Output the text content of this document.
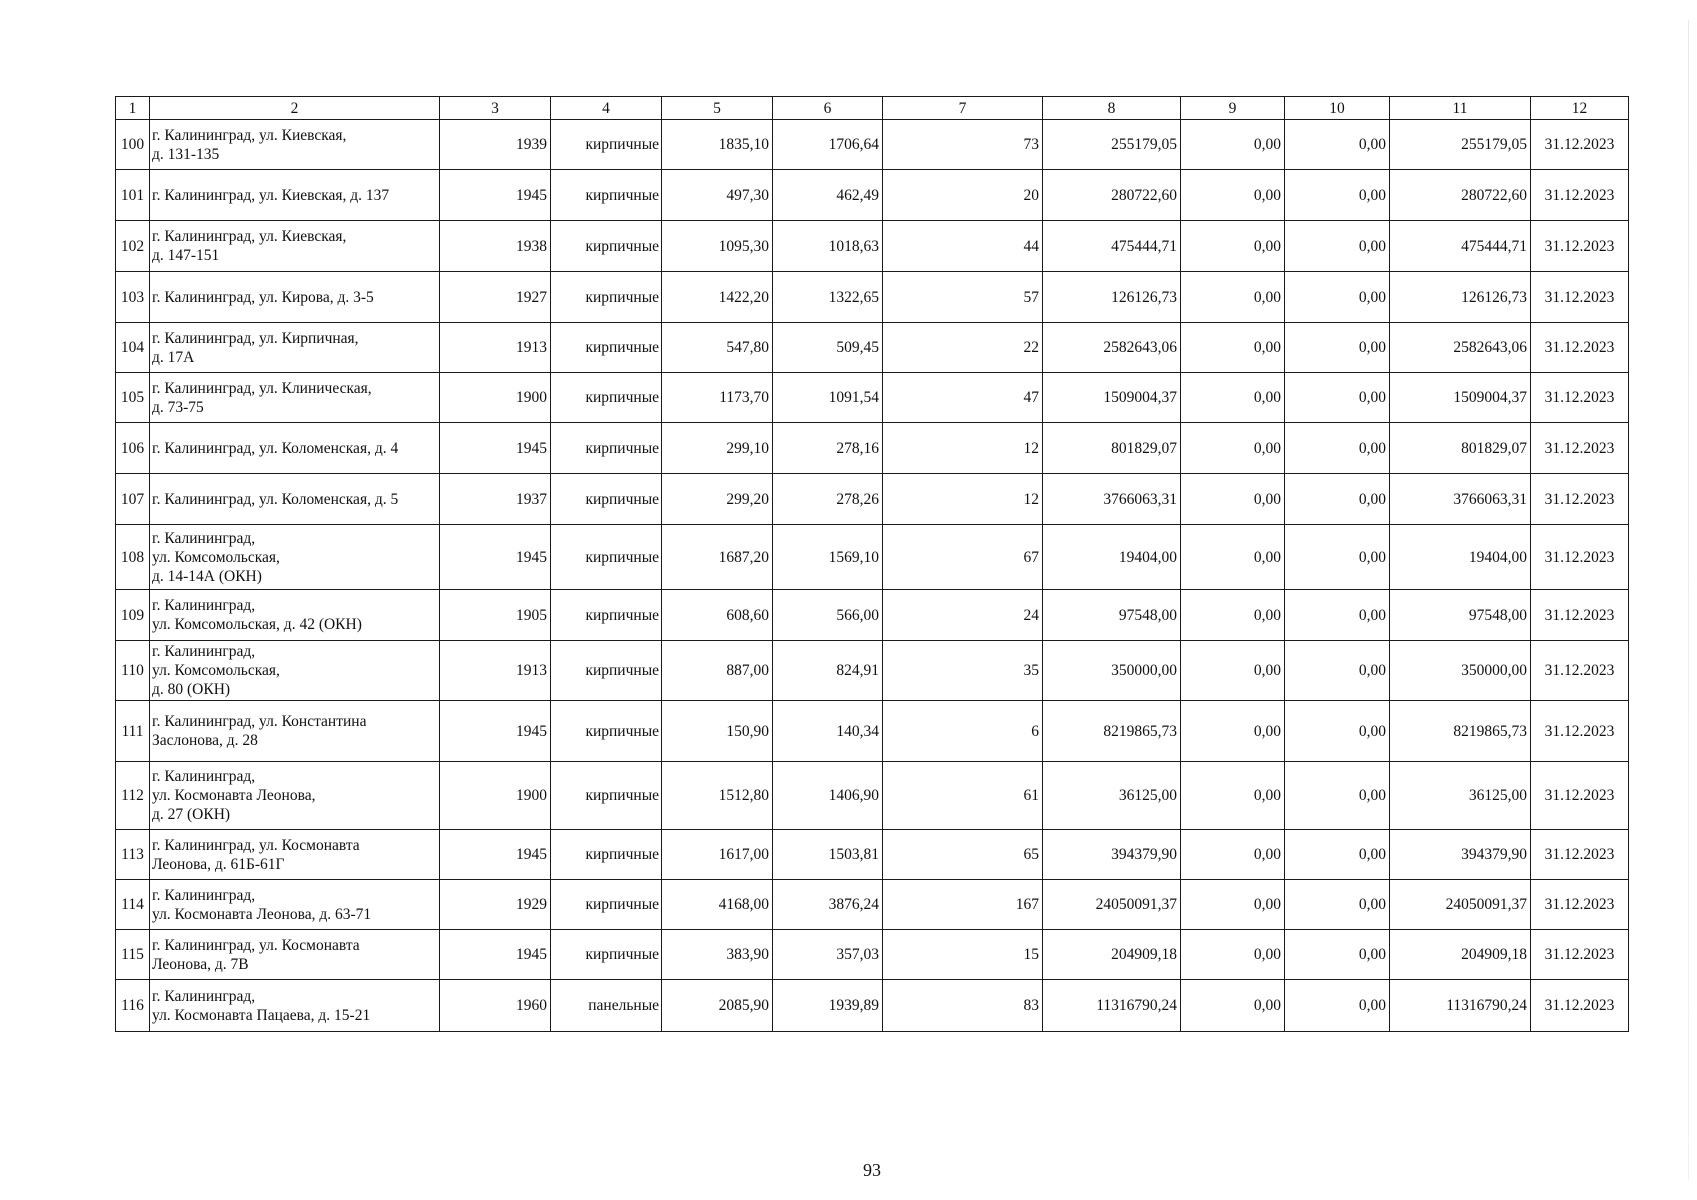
1	2	3	4	5	6	7	8	9	10	11	12
100	г. Калининград, ул. Киевская,
д. 131-135	1939	кирпичные	1835,10	1706,64	73	255179,05	0,00	0,00	255179,05	31.12.2023
101	г. Калининград, ул. Киевская, д. 137	1945	кирпичные	497,30	462,49	20	280722,60	0,00	0,00	280722,60	31.12.2023
102	г. Калининград, ул. Киевская,
д. 147-151	1938	кирпичные	1095,30	1018,63	44	475444,71	0,00	0,00	475444,71	31.12.2023
103	г. Калининград, ул. Кирова, д. 3-5	1927	кирпичные	1422,20	1322,65	57	126126,73	0,00	0,00	126126,73	31.12.2023
104	г. Калининград, ул. Кирпичная,
д. 17А	1913	кирпичные	547,80	509,45	22	2582643,06	0,00	0,00	2582643,06	31.12.2023
105	г. Калининград, ул. Клиническая,
д. 73-75	1900	кирпичные	1173,70	1091,54	47	1509004,37	0,00	0,00	1509004,37	31.12.2023
106	г. Калининград, ул. Коломенская, д. 4	1945	кирпичные	299,10	278,16	12	801829,07	0,00	0,00	801829,07	31.12.2023
107	г. Калининград, ул. Коломенская, д. 5	1937	кирпичные	299,20	278,26	12	3766063,31	0,00	0,00	3766063,31	31.12.2023
108	г. Калининград,
ул. Комсомольская,
д. 14-14А (ОКН)	1945	кирпичные	1687,20	1569,10	67	19404,00	0,00	0,00	19404,00	31.12.2023
109	г. Калининград,
ул. Комсомольская, д. 42 (ОКН)	1905	кирпичные	608,60	566,00	24	97548,00	0,00	0,00	97548,00	31.12.2023
110	г. Калининград,
ул. Комсомольская,
д. 80 (ОКН)	1913	кирпичные	887,00	824,91	35	350000,00	0,00	0,00	350000,00	31.12.2023
111	г. Калининград, ул. Константина
Заслонова, д. 28	1945	кирпичные	150,90	140,34	6	8219865,73	0,00	0,00	8219865,73	31.12.2023
112	г. Калининград,
ул. Космонавта Леонова,
д. 27 (ОКН)	1900	кирпичные	1512,80	1406,90	61	36125,00	0,00	0,00	36125,00	31.12.2023
113	г. Калининград, ул. Космонавта
Леонова, д. 61Б-61Г	1945	кирпичные	1617,00	1503,81	65	394379,90	0,00	0,00	394379,90	31.12.2023
114	г. Калининград,
ул. Космонавта Леонова, д. 63-71	1929	кирпичные	4168,00	3876,24	167	24050091,37	0,00	0,00	24050091,37	31.12.2023
115	г. Калининград, ул. Космонавта
Леонова, д. 7В	1945	кирпичные	383,90	357,03	15	204909,18	0,00	0,00	204909,18	31.12.2023
116	г. Калининград,
ул. Космонавта Пацаева, д. 15-21	1960	панельные	2085,90	1939,89	83	11316790,24	0,00	0,00	11316790,24	31.12.2023
93
